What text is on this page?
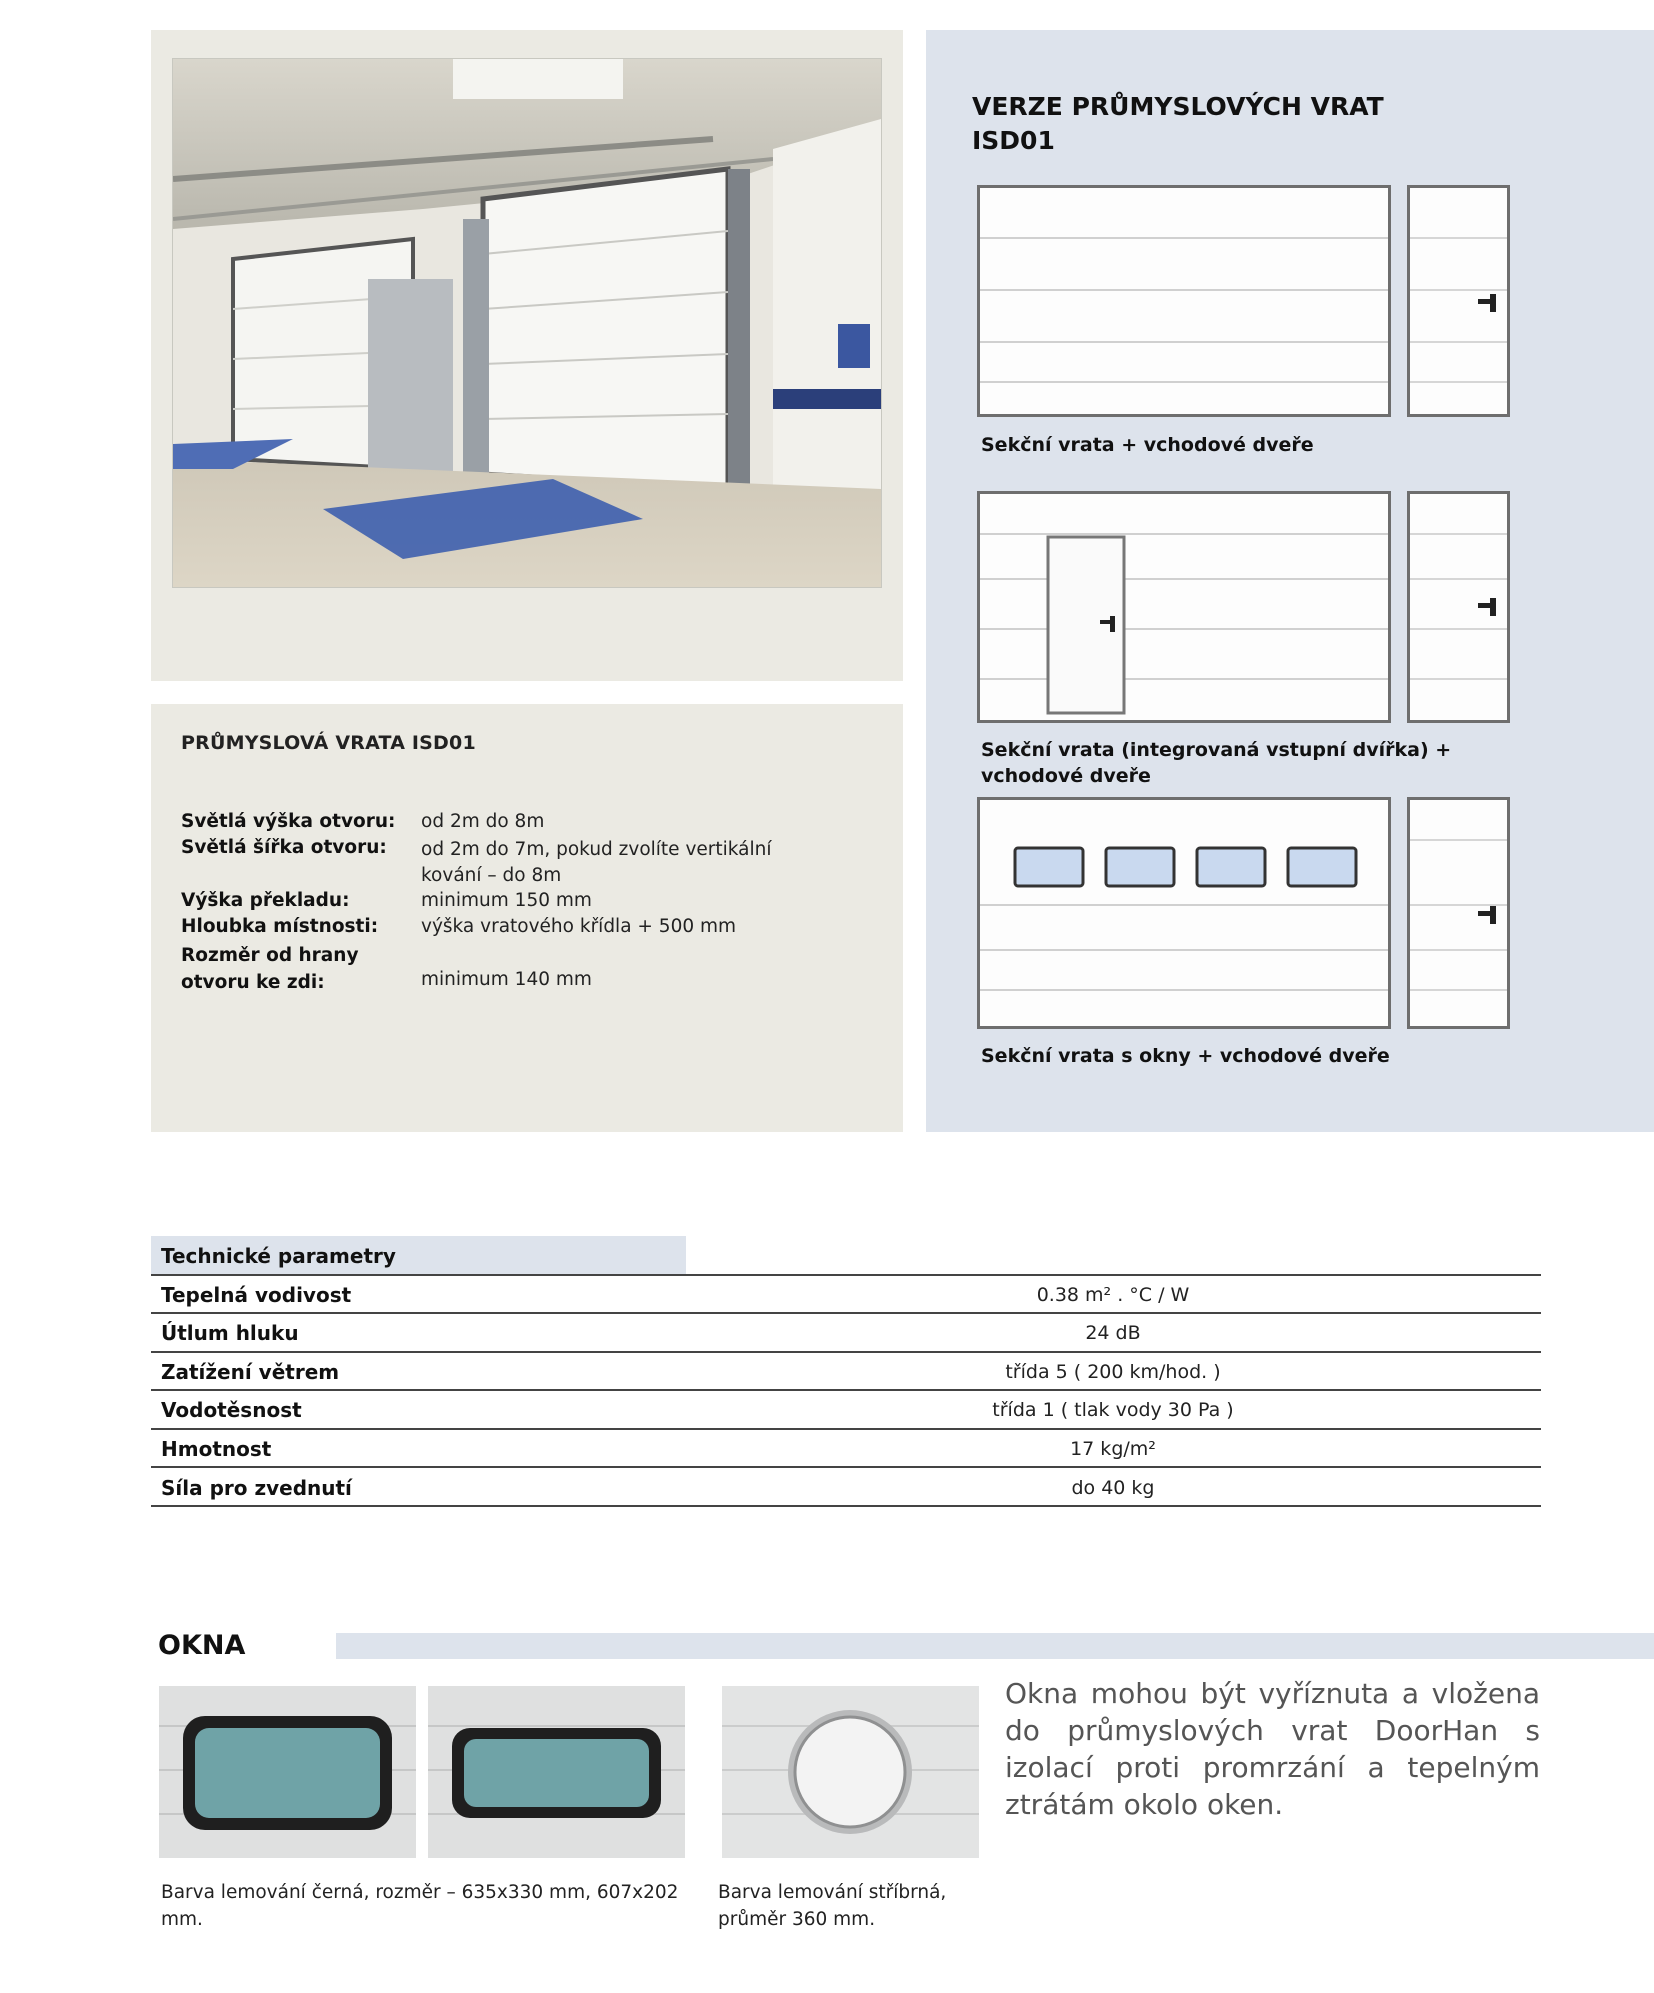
PRŮMYSLOVÁ VRATA ISD01
Světlá výška otvoru: od 2m do 8m
Světlá šířka otvoru: od 2m do 7m, pokud zvolíte vertikální kování – do 8m
Výška překladu:	minimum 150 mm
Hloubka místnosti: výška vratového křídla + 500 mm
Rozměr od hrany otvoru ke zdi:	minimum 140 mm
VERZE PRŮMYSLOVÝCH VRAT
ISD01
Sekční vrata + vchodové dveře
Sekční vrata (integrovaná vstupní dvířka) + vchodové dveře
Sekční vrata s okny + vchodové dveře
Technické parametry
Tepelná vodivost	0.38 m² . °C / W
Útlum hluku	24 dB
Zatížení větrem	třída 5 ( 200 km/hod. )
Vodotěsnost	třída 1 ( tlak vody 30 Pa )
Hmotnost	17 kg/m²
Síla pro zvednutí	do 40 kg
OKNA
Okna mohou být vyříznuta a vložena do průmyslových vrat DoorHan s izolací proti promrzání a tepelným ztrátám okolo oken.
Barva lemování černá, rozměr – 635x330 mm, 607x202 mm.
Barva lemování stříbrná, průměr 360 mm.
